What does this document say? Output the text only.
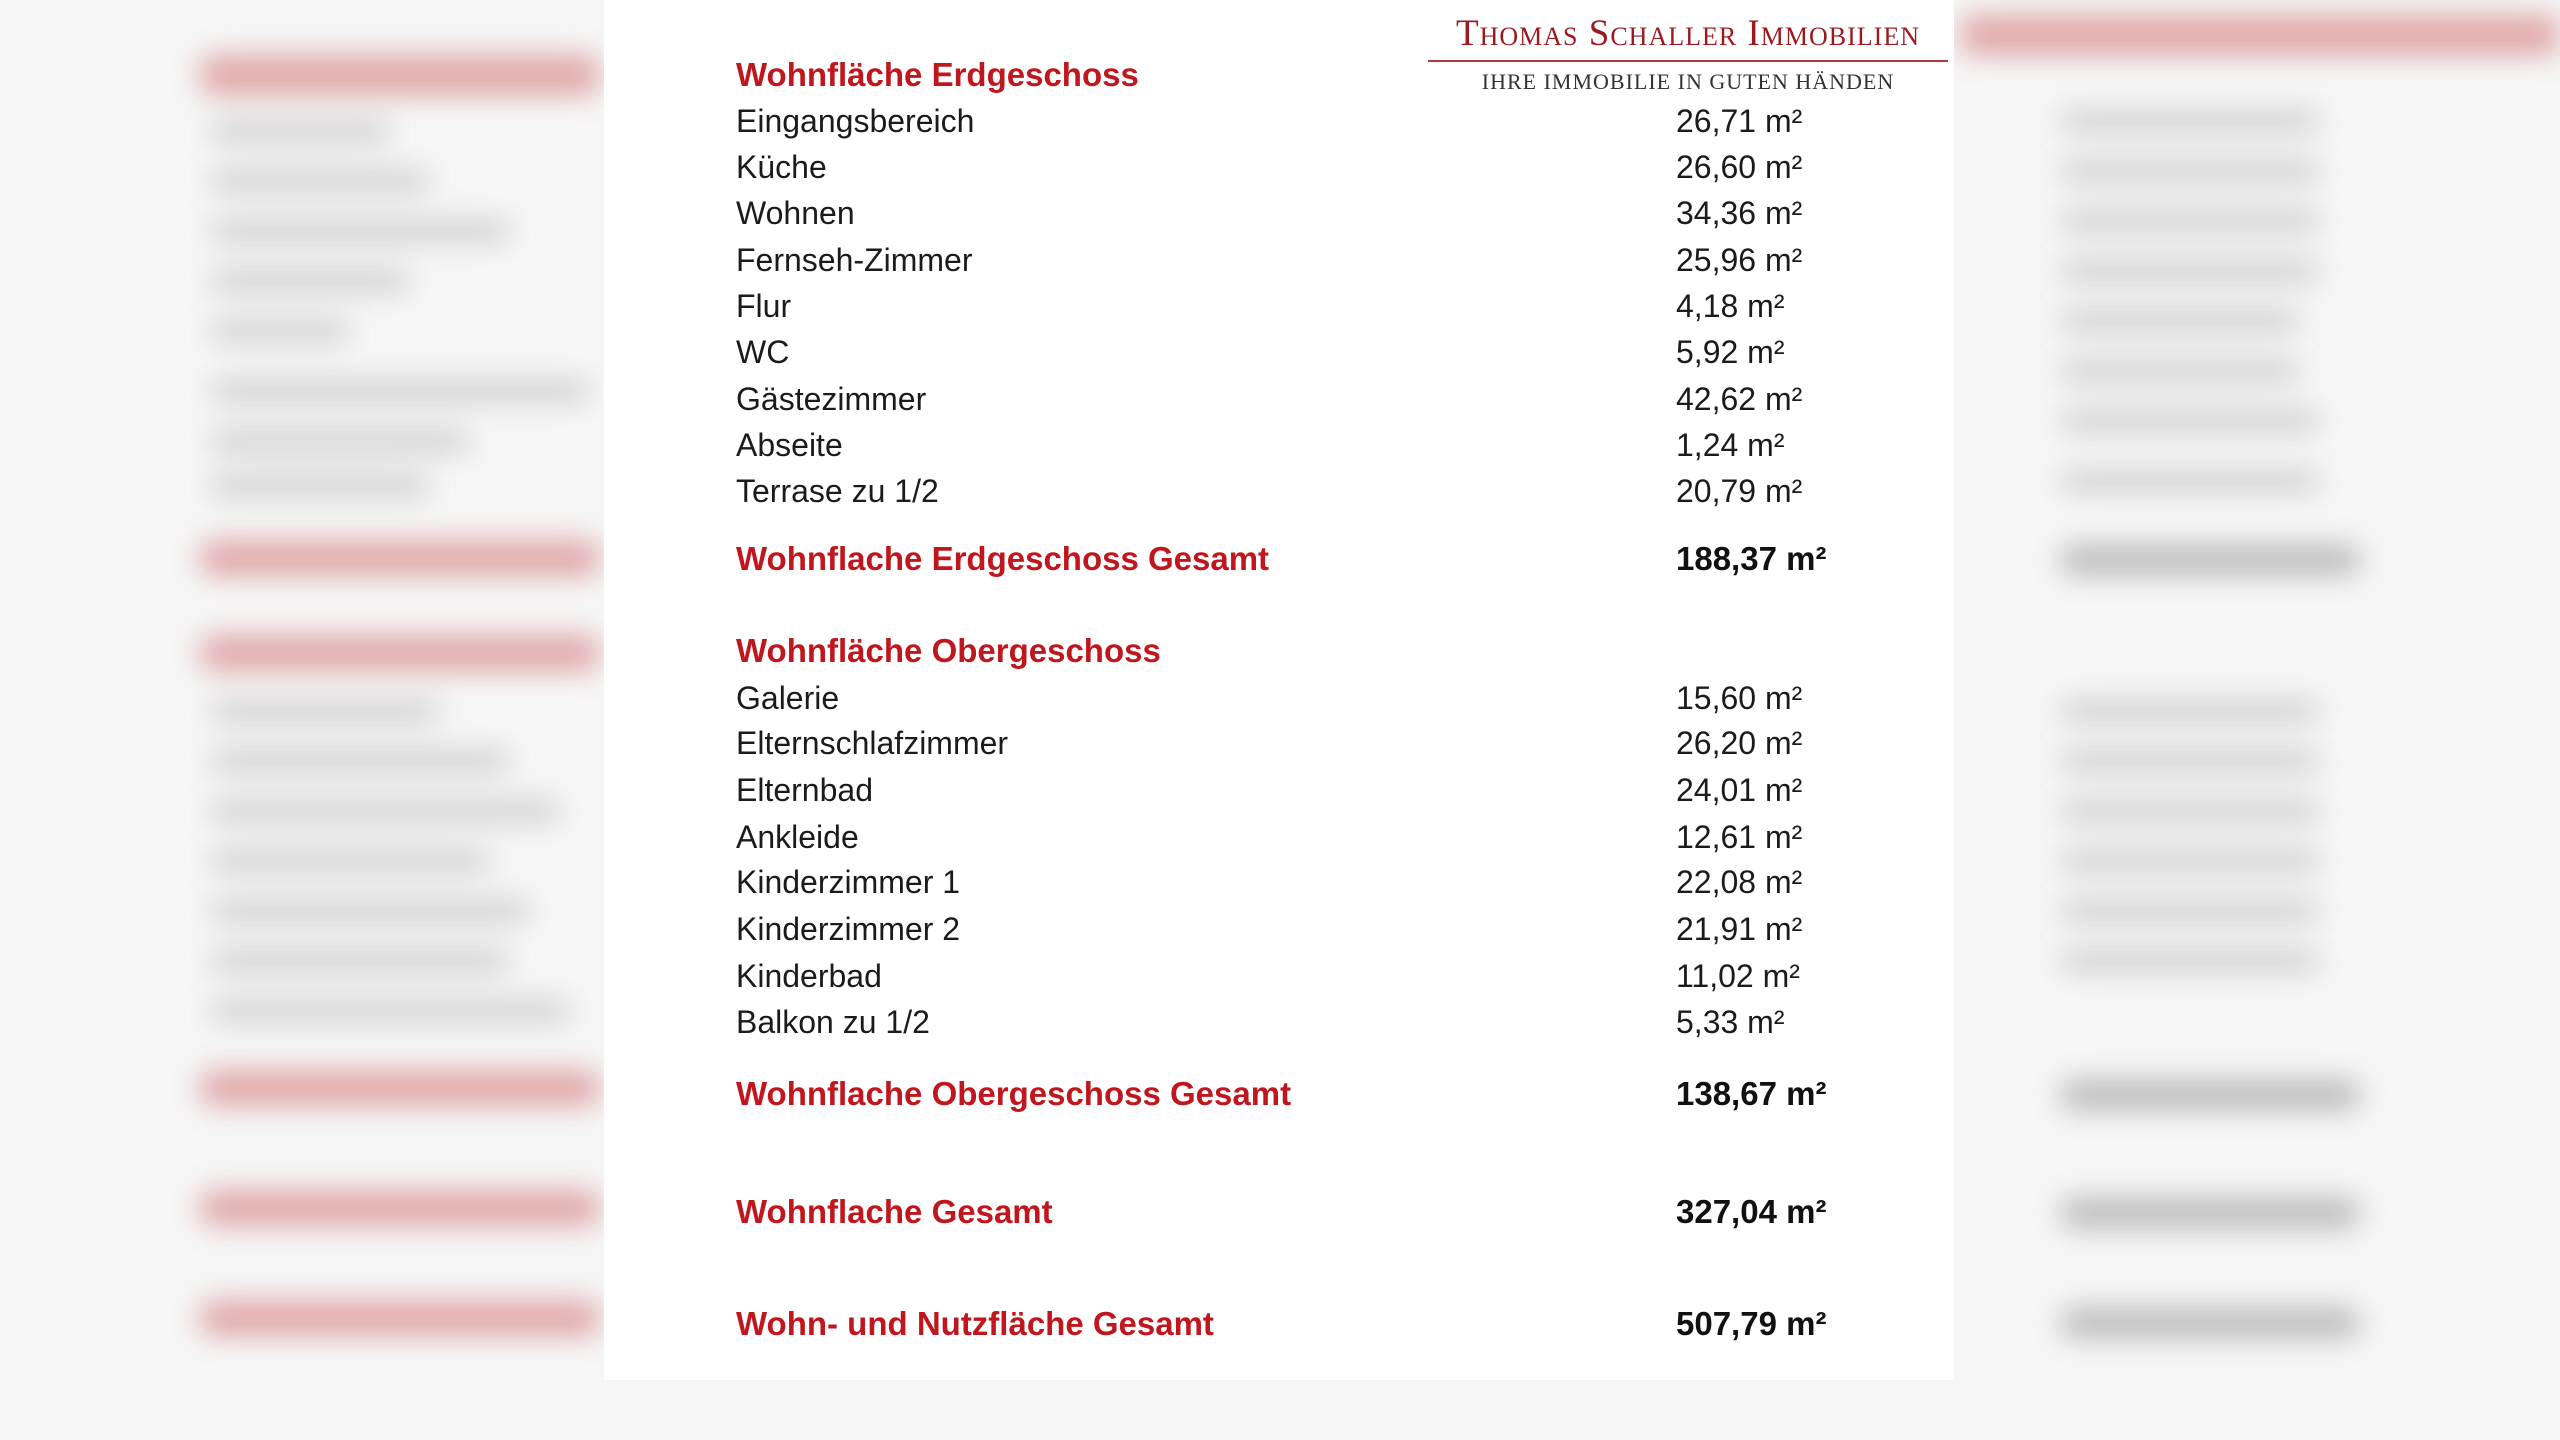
Thomas Schaller Immobilien
IHRE IMMOBILIE IN GUTEN HÄNDEN
Wohnfläche Erdgeschoss
Eingangsbereich	26,71 m²
Küche	26,60 m²
Wohnen	34,36 m²
Fernseh-Zimmer	25,96 m²
Flur	4,18 m²
WC	5,92 m²
Gästezimmer	42,62 m²
Abseite	1,24 m²
Terrase zu 1/2	20,79 m²
Wohnflache Erdgeschoss Gesamt	188,37 m²
Wohnfläche Obergeschoss
Galerie	15,60 m²
Elternschlafzimmer	26,20 m²
Elternbad	24,01 m²
Ankleide	12,61 m²
Kinderzimmer 1	22,08 m²
Kinderzimmer 2	21,91 m²
Kinderbad	11,02 m²
Balkon zu 1/2	5,33 m²
Wohnflache Obergeschoss Gesamt	138,67 m²
Wohnflache Gesamt	327,04 m²
Wohn- und Nutzfläche Gesamt	507,79 m²
